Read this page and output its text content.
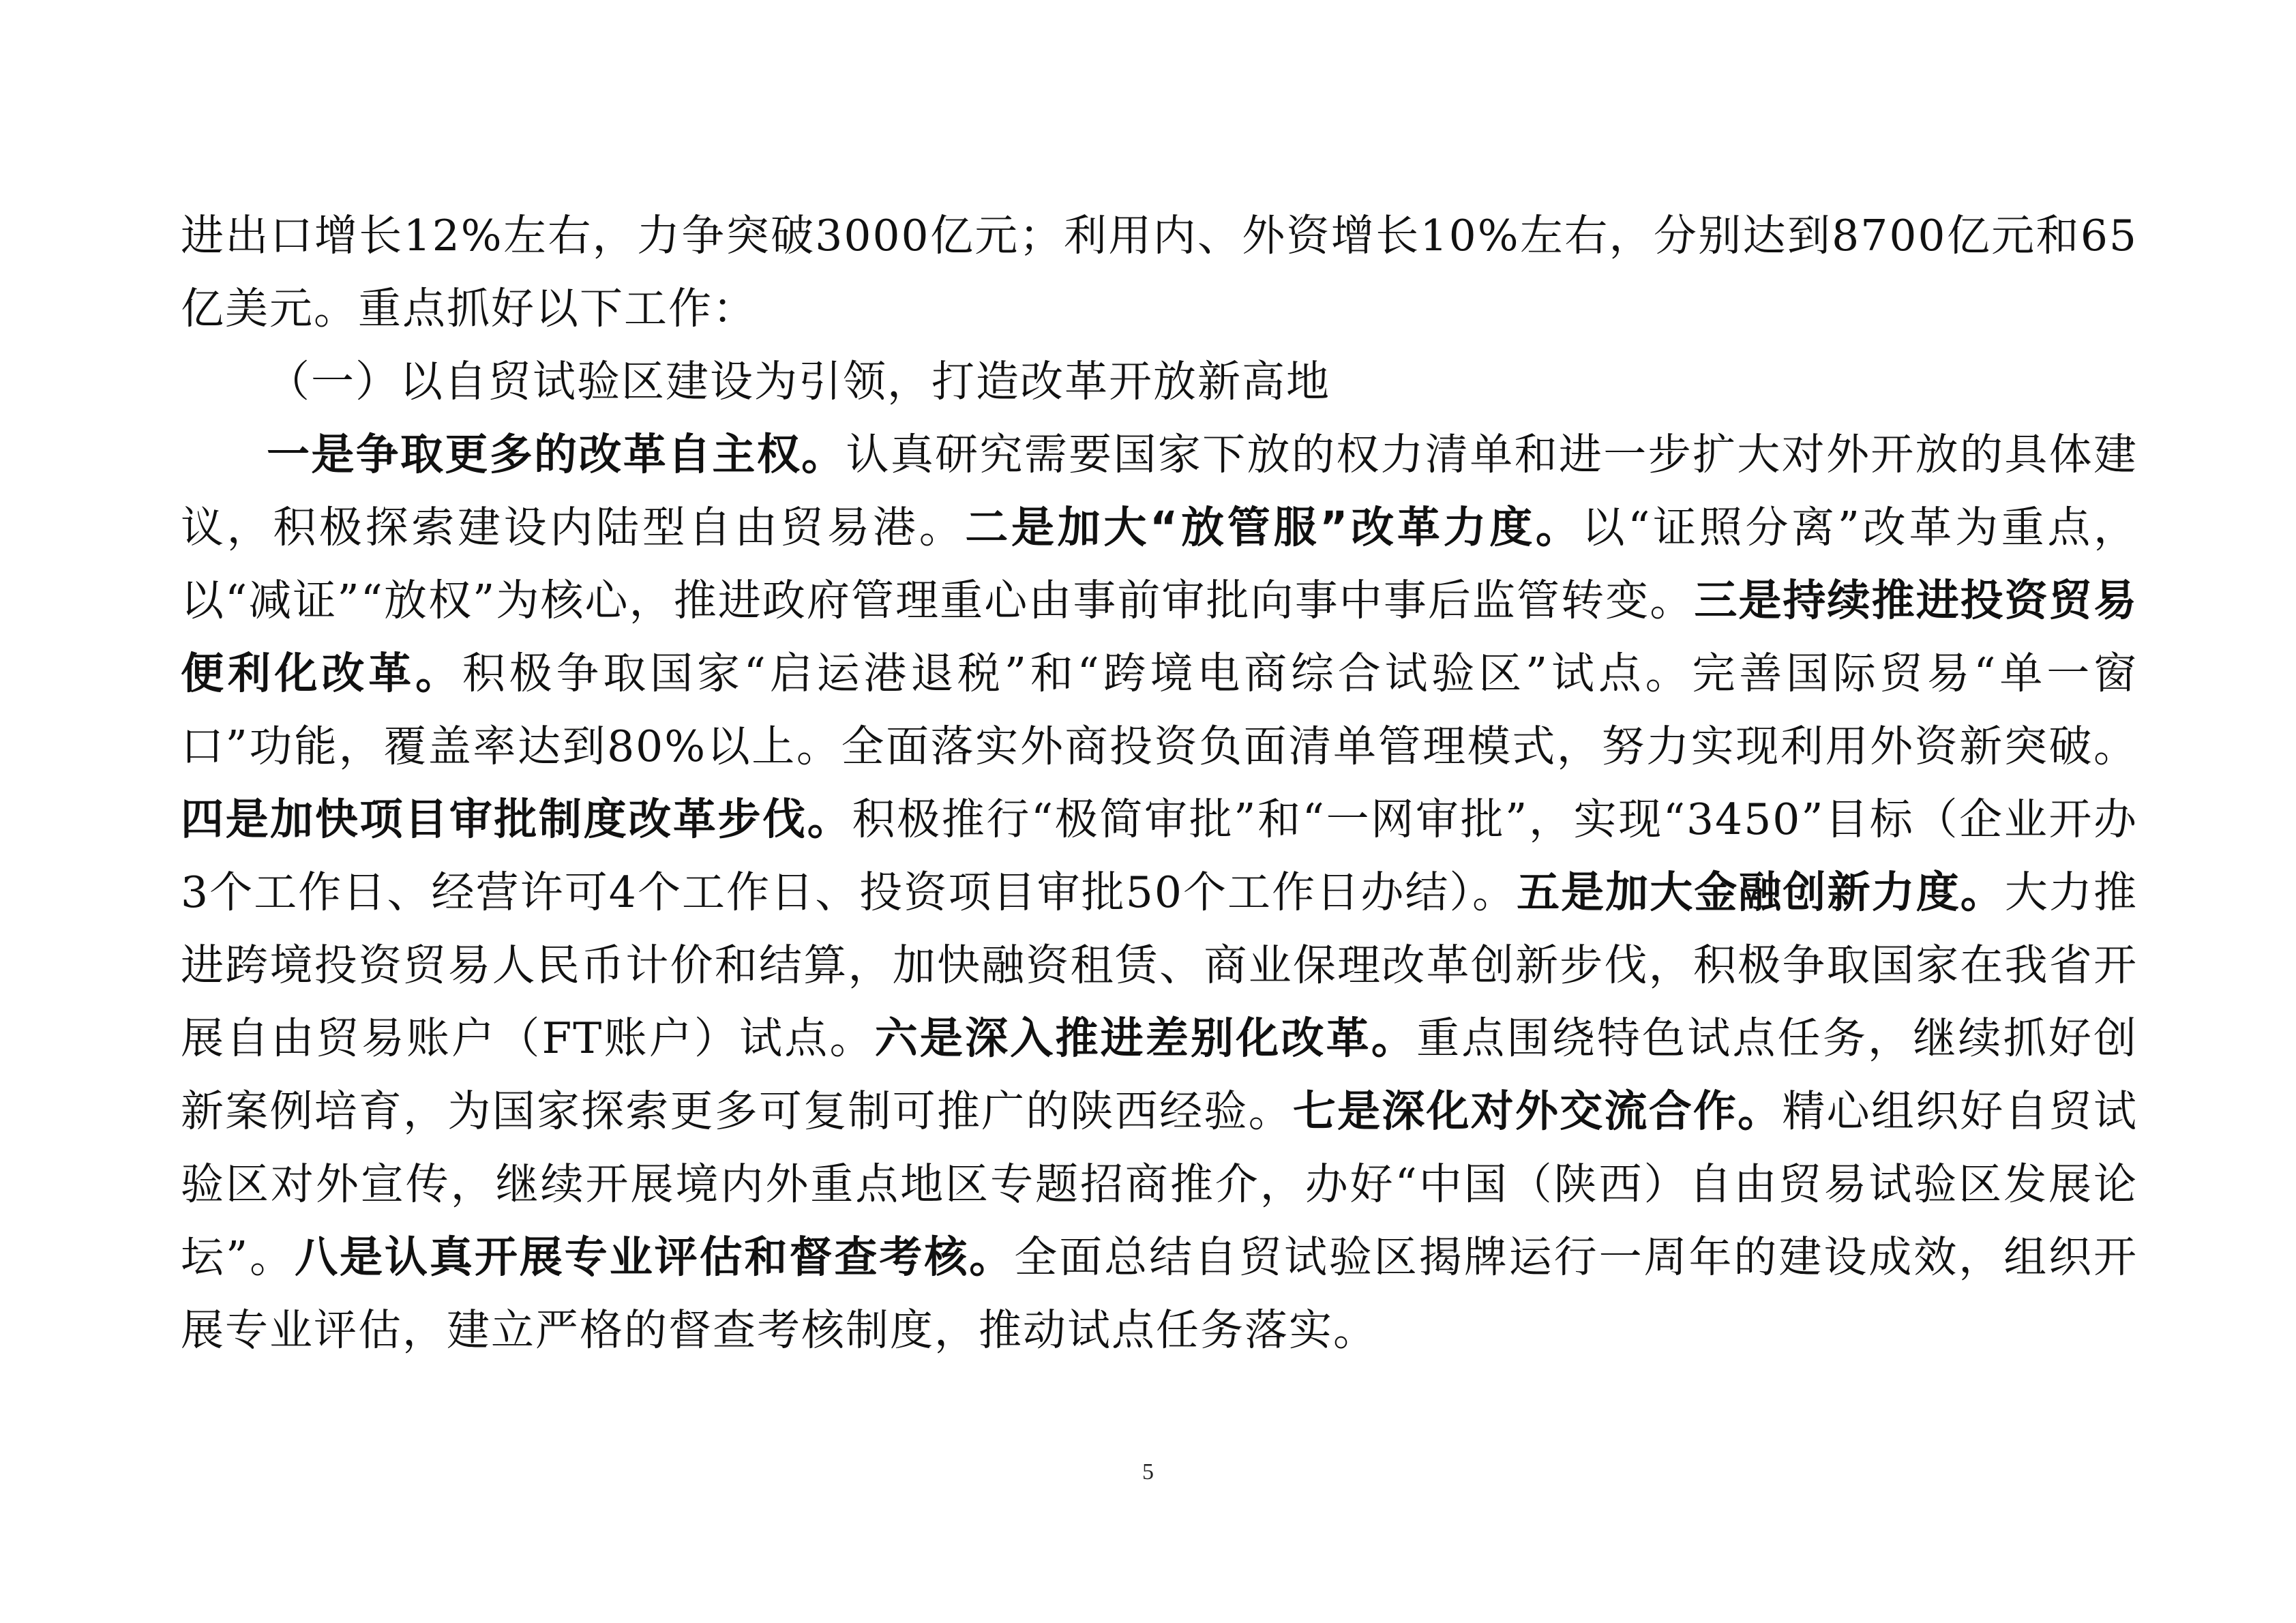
进出口增长12%左右，力争突破3000亿元；利用内、外资增长10%左右，分别达到8700亿元和65亿美元。重点抓好以下工作：

（一）以自贸试验区建设为引领，打造改革开放新高地

一是争取更多的改革自主权。认真研究需要国家下放的权力清单和进一步扩大对外开放的具体建议，积极探索建设内陆型自由贸易港。二是加大“放管服”改革力度。以“证照分离”改革为重点，以“减证”“放权”为核心，推进政府管理重心由事前审批向事中事后监管转变。三是持续推进投资贸易便利化改革。积极争取国家“启运港退税”和“跨境电商综合试验区”试点。完善国际贸易“单一窗口”功能，覆盖率达到80%以上。全面落实外商投资负面清单管理模式，努力实现利用外资新突破。四是加快项目审批制度改革步伐。积极推行“极简审批”和“一网审批”，实现“3450”目标（企业开办3个工作日、经营许可4个工作日、投资项目审批50个工作日办结）。五是加大金融创新力度。大力推进跨境投资贸易人民币计价和结算，加快融资租赁、商业保理改革创新步伐，积极争取国家在我省开展自由贸易账户（FT账户）试点。六是深入推进差别化改革。重点围绕特色试点任务，继续抓好创新案例培育，为国家探索更多可复制可推广的陕西经验。七是深化对外交流合作。精心组织好自贸试验区对外宣传，继续开展境内外重点地区专题招商推介，办好“中国（陕西）自由贸易试验区发展论坛”。八是认真开展专业评估和督查考核。全面总结自贸试验区揭牌运行一周年的建设成效，组织开展专业评估，建立严格的督查考核制度，推动试点任务落实。

5
